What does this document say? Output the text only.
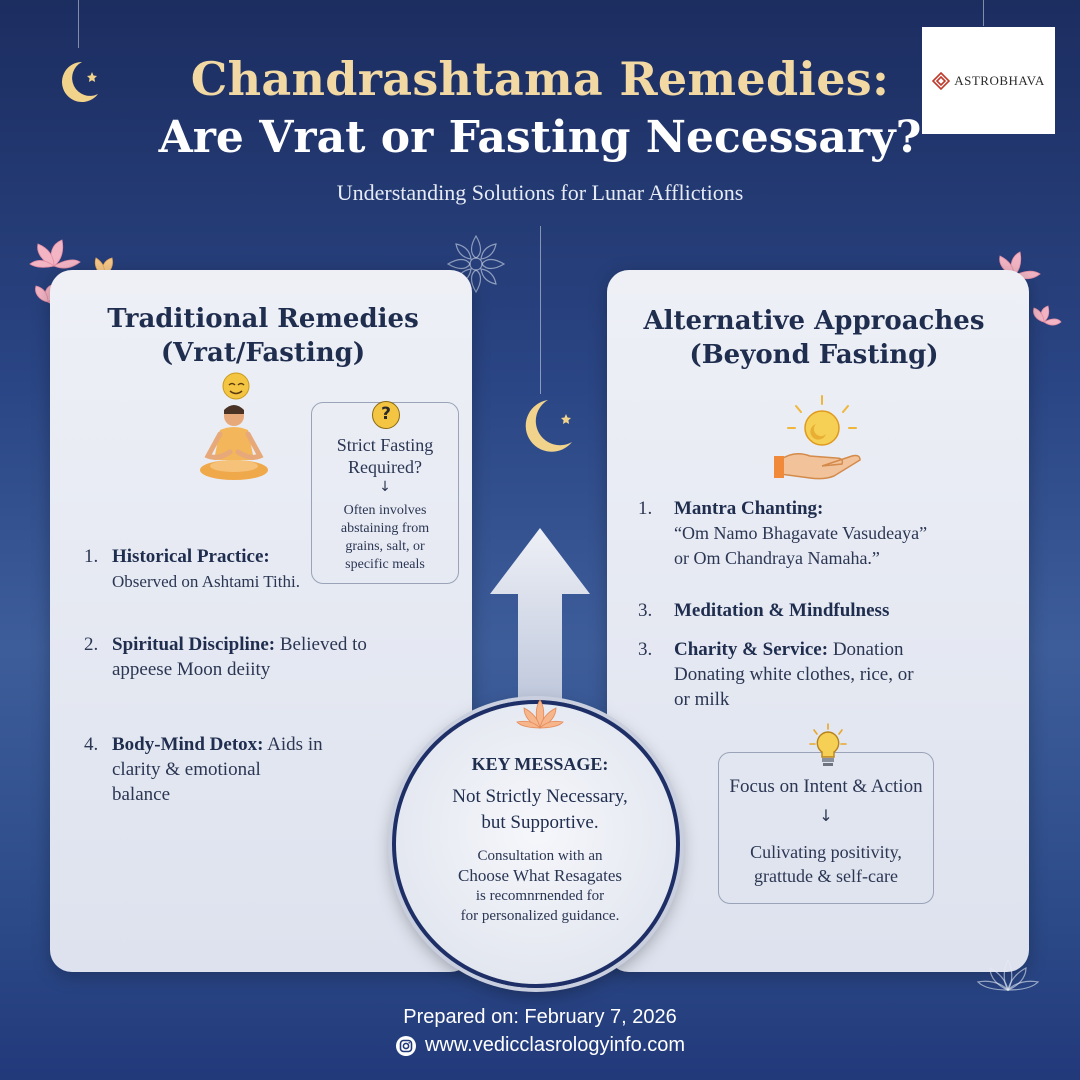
Chandrashtama Remedies:
Are Vrat or Fasting Necessary?
Understanding Solutions for Lunar Afflictions
ASTROBHAVA
Traditional Remedies
(Vrat/Fasting)
?
Strict Fasting
Required?
↓
Often involves
abstaining from
grains, salt, or
specific meals
1. Historical Practice:
Observed on Ashtami Tithi.
2. Spiritual Discipline: Believed to
appeese Moon deiity
4. Body-Mind Detox: Aids in
clarity & emotional
balance
Alternative Approaches
(Beyond Fasting)
1. Mantra Chanting:
“Om Namo Bhagavate Vasudeaya”
or Om Chandraya Namaha.”
3. Meditation & Mindfulness
3. Charity & Service: Donation
Donating white clothes, rice, or
or milk
Focus on Intent & Action
↓
Culivating positivity,
grattude & self-care
KEY MESSAGE:
Not Strictly Necessary,
but Supportive.
Consultation with an
Choose What Resagates
is recomnrnended for
for personalized guidance.
Prepared on: February 7, 2026
www.vedicclasrologyinfo.com
